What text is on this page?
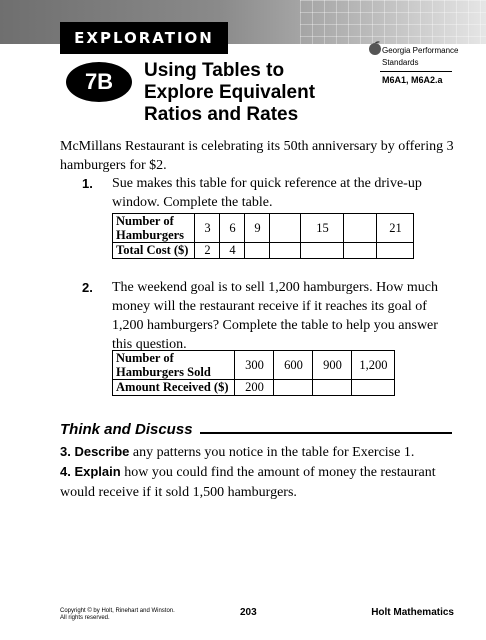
EXPLORATION
7B	Using Tables to
Explore Equivalent
Ratios and Rates
Georgia Performance
Standards
M6A1, M6A2.a
McMillans Restaurant is celebrating its 50th anniversary by offering 3 hamburgers for $2.
1. Sue makes this table for quick reference at the drive-up window. Complete the table.
Number of
Hamburgers	3	6	9		15		21
Total Cost ($)	2	4					
2. The weekend goal is to sell 1,200 hamburgers. How much money will the restaurant receive if it reaches its goal of 1,200 hamburgers? Complete the table to help you answer this question.
Number of
Hamburgers Sold	300	600	900	1,200
Amount Received ($)	200			
Think and Discuss
3. Describe any patterns you notice in the table for Exercise 1.
4. Explain how you could find the amount of money the restaurant would receive if it sold 1,500 hamburgers.
Copyright © by Holt, Rinehart and Winston.
All rights reserved.	203	Holt Mathematics
